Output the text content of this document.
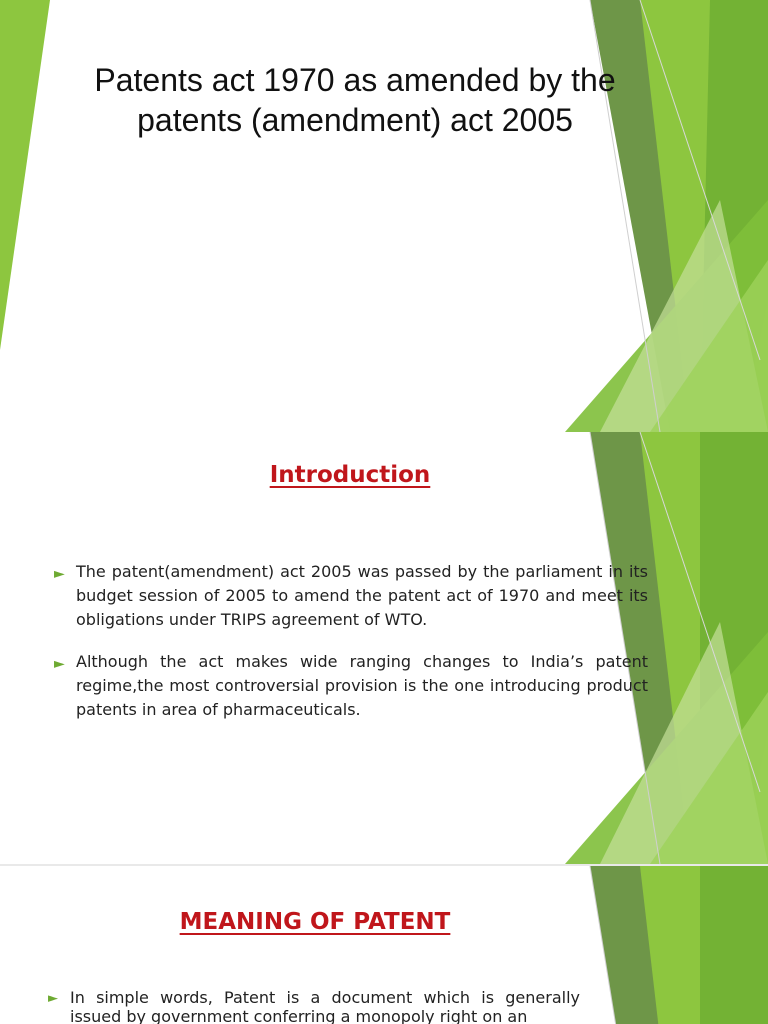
Patents act 1970 as amended by the patents (amendment) act 2005
Introduction
► The patent(amendment) act 2005 was passed by the parliament in its budget session of 2005 to amend the patent act of 1970 and meet its obligations under TRIPS agreement of WTO.
► Although the act makes wide ranging changes to India’s patent regime,the most controversial provision is the one introducing product patents in area of pharmaceuticals.
MEANING OF PATENT
► In simple words, Patent is a document which is generally issued by government conferring a monopoly right on an
